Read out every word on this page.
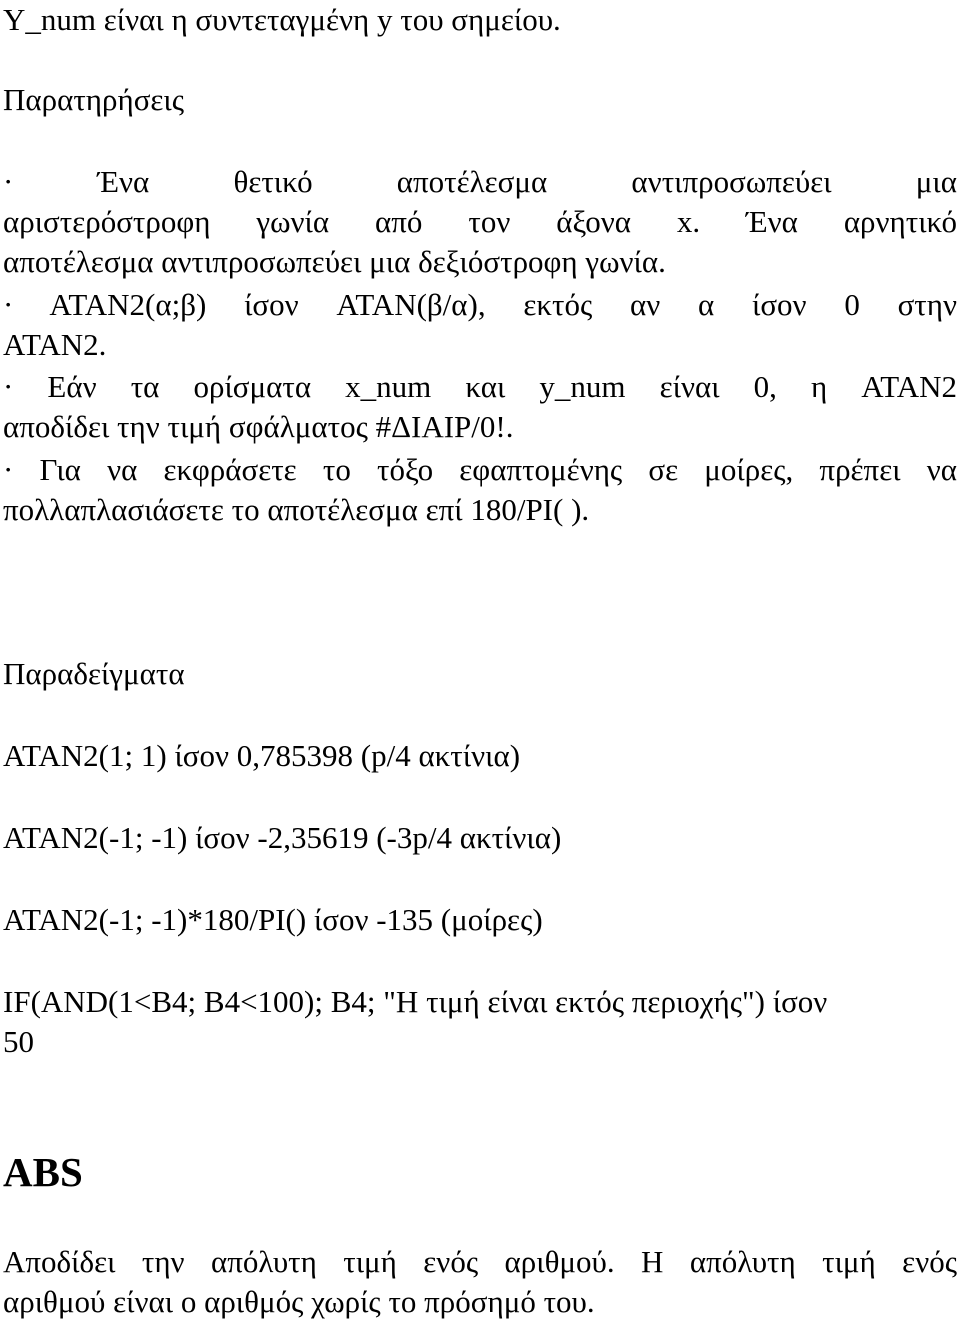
Y_num είναι η συντεταγμένη y του σημείου.
Παρατηρήσεις
· Ένα θετικό αποτέλεσμα αντιπροσωπεύει μια
αριστερόστροφη γωνία από τον άξονα x. Ένα αρνητικό
αποτέλεσμα αντιπροσωπεύει μια δεξιόστροφη γωνία.
· ATAN2(α;β) ίσον ATAN(β/α), εκτός αν α ίσον 0 στην
ATAN2.
· Εάν τα ορίσματα x_num και y_num είναι 0, η ATAN2
αποδίδει την τιμή σφάλματος #ΔΙΑΙΡ/0!.
· Για να εκφράσετε το τόξο εφαπτομένης σε μοίρες, πρέπει να
πολλαπλασιάσετε το αποτέλεσμα επί 180/PI( ).
Παραδείγματα
ATAN2(1; 1) ίσον 0,785398 (p/4 ακτίνια)
ATAN2(-1; -1) ίσον -2,35619 (-3p/4 ακτίνια)
ATAN2(-1; -1)*180/PI() ίσον -135 (μοίρες)
IF(AND(1<B4; B4<100); B4; "Η τιμή είναι εκτός περιοχής") ίσον
50
ABS
Αποδίδει την απόλυτη τιμή ενός αριθμού. Η απόλυτη τιμή ενός
αριθμού είναι ο αριθμός χωρίς το πρόσημό του.
